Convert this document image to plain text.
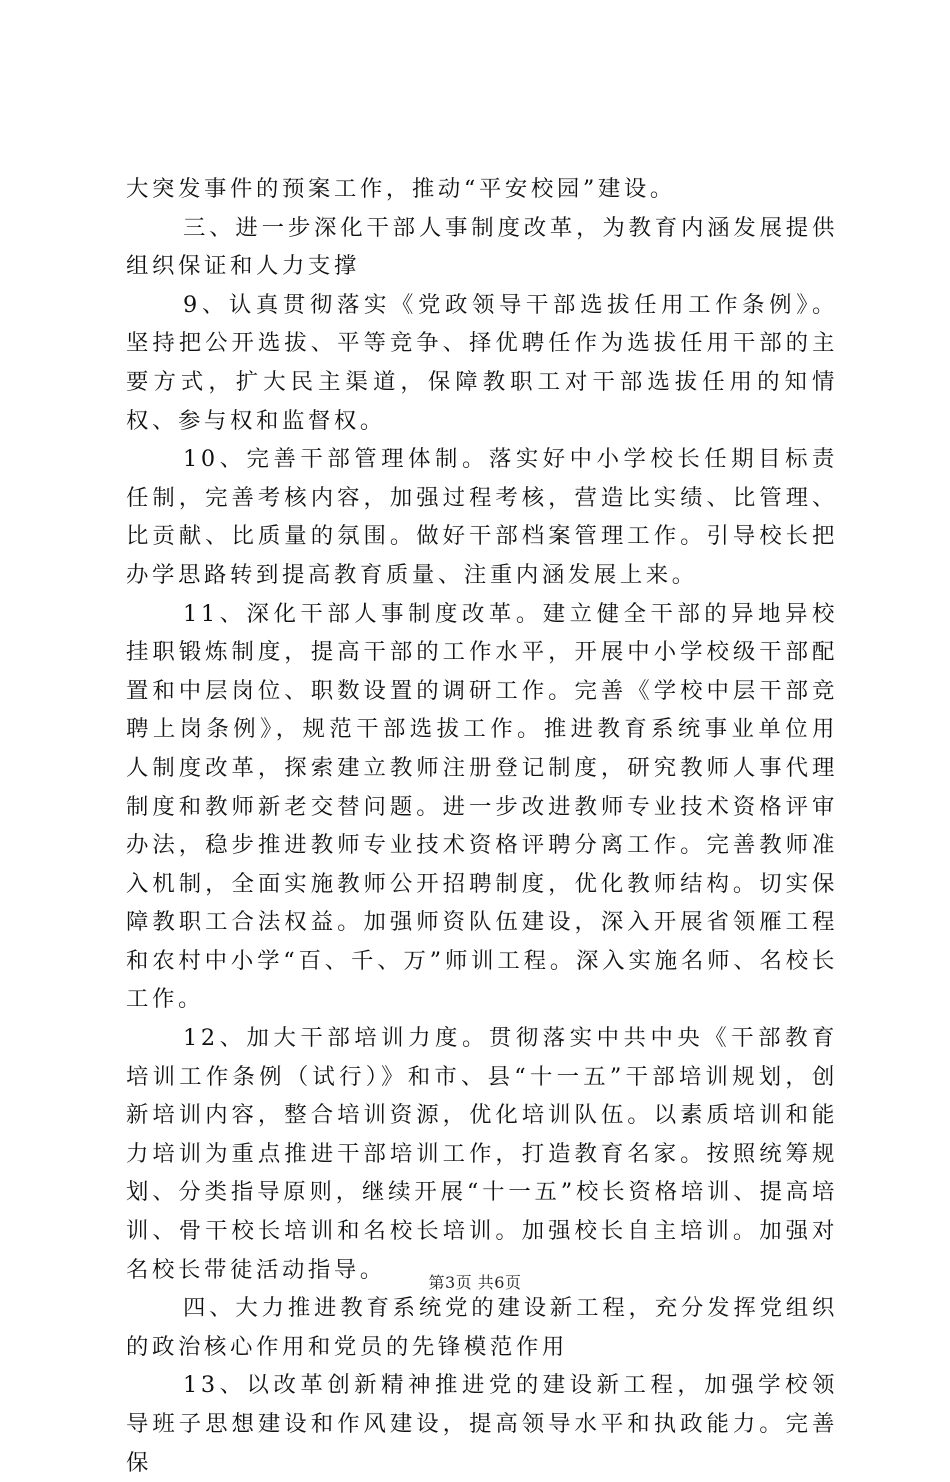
大突发事件的预案工作，推动“平安校园”建设。

三、进一步深化干部人事制度改革，为教育内涵发展提供组织保证和人力支撑

9、认真贯彻落实《党政领导干部选拔任用工作条例》。坚持把公开选拔、平等竞争、择优聘任作为选拔任用干部的主要方式，扩大民主渠道，保障教职工对干部选拔任用的知情权、参与权和监督权。

10、完善干部管理体制。落实好中小学校长任期目标责任制，完善考核内容，加强过程考核，营造比实绩、比管理、比贡献、比质量的氛围。做好干部档案管理工作。引导校长把办学思路转到提高教育质量、注重内涵发展上来。

11、深化干部人事制度改革。建立健全干部的异地异校挂职锻炼制度，提高干部的工作水平，开展中小学校级干部配置和中层岗位、职数设置的调研工作。完善《学校中层干部竞聘上岗条例》，规范干部选拔工作。推进教育系统事业单位用人制度改革，探索建立教师注册登记制度，研究教师人事代理制度和教师新老交替问题。进一步改进教师专业技术资格评审办法，稳步推进教师专业技术资格评聘分离工作。完善教师准入机制，全面实施教师公开招聘制度，优化教师结构。切实保障教职工合法权益。加强师资队伍建设，深入开展省领雁工程和农村中小学“百、千、万”师训工程。深入实施名师、名校长工作。

12、加大干部培训力度。贯彻落实中共中央《干部教育培训工作条例（试行）》和市、县“十一五”干部培训规划，创新培训内容，整合培训资源，优化培训队伍。以素质培训和能力培训为重点推进干部培训工作，打造教育名家。按照统筹规划、分类指导原则，继续开展“十一五”校长资格培训、提高培训、骨干校长培训和名校长培训。加强校长自主培训。加强对名校长带徒活动指导。

四、大力推进教育系统党的建设新工程，充分发挥党组织的政治核心作用和党员的先锋模范作用

13、以改革创新精神推进党的建设新工程，加强学校领导班子思想建设和作风建设，提高领导水平和执政能力。完善保

第3页 共6页
